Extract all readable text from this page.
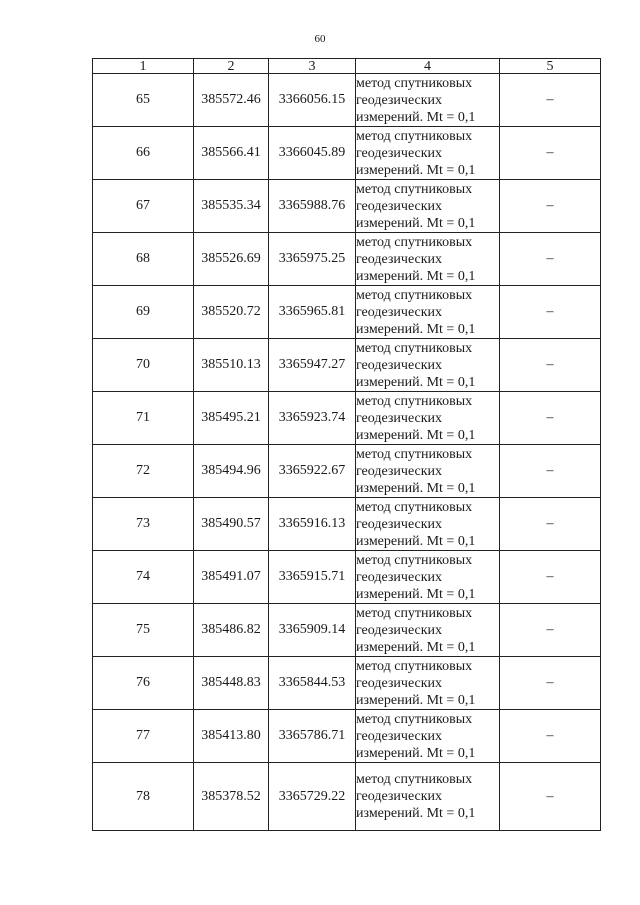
60
1	2	3	4	5
65	385572.46	3366056.15	метод спутниковых
геодезических
измерений. Mt = 0,1	–
66	385566.41	3366045.89	метод спутниковых
геодезических
измерений. Mt = 0,1	–
67	385535.34	3365988.76	метод спутниковых
геодезических
измерений. Mt = 0,1	–
68	385526.69	3365975.25	метод спутниковых
геодезических
измерений. Mt = 0,1	–
69	385520.72	3365965.81	метод спутниковых
геодезических
измерений. Mt = 0,1	–
70	385510.13	3365947.27	метод спутниковых
геодезических
измерений. Mt = 0,1	–
71	385495.21	3365923.74	метод спутниковых
геодезических
измерений. Mt = 0,1	–
72	385494.96	3365922.67	метод спутниковых
геодезических
измерений. Mt = 0,1	–
73	385490.57	3365916.13	метод спутниковых
геодезических
измерений. Mt = 0,1	–
74	385491.07	3365915.71	метод спутниковых
геодезических
измерений. Mt = 0,1	–
75	385486.82	3365909.14	метод спутниковых
геодезических
измерений. Mt = 0,1	–
76	385448.83	3365844.53	метод спутниковых
геодезических
измерений. Mt = 0,1	–
77	385413.80	3365786.71	метод спутниковых
геодезических
измерений. Mt = 0,1	–
78	385378.52	3365729.22	метод спутниковых
геодезических
измерений. Mt = 0,1	–
